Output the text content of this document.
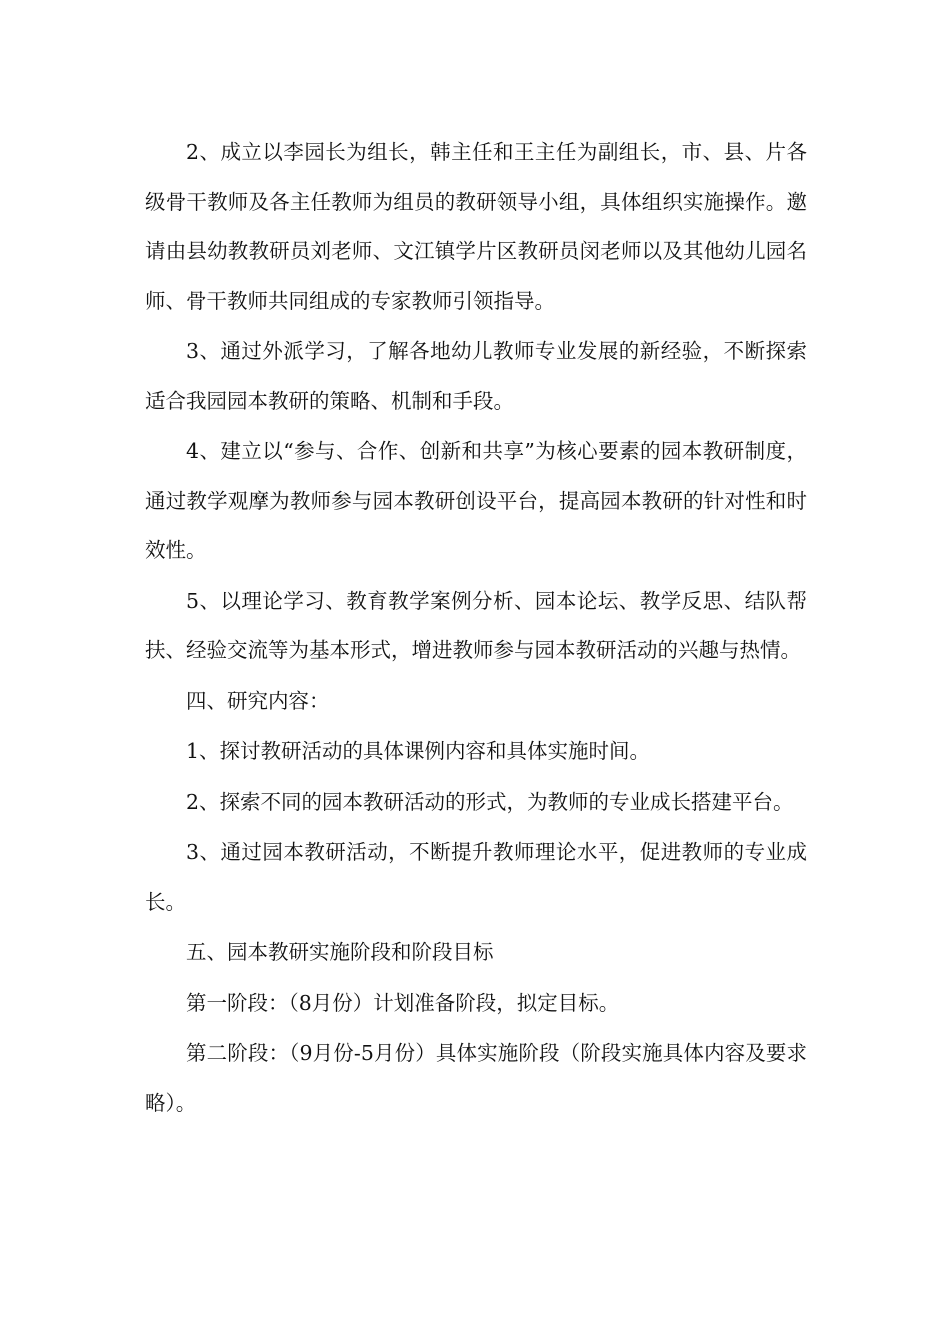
2、成立以李园长为组长，韩主任和王主任为副组长，市、县、片各级骨干教师及各主任教师为组员的教研领导小组，具体组织实施操作。邀请由县幼教教研员刘老师、文江镇学片区教研员闵老师以及其他幼儿园名师、骨干教师共同组成的专家教师引领指导。

3、通过外派学习，了解各地幼儿教师专业发展的新经验，不断探索适合我园园本教研的策略、机制和手段。

4、建立以“参与、合作、创新和共享”为核心要素的园本教研制度，通过教学观摩为教师参与园本教研创设平台，提高园本教研的针对性和时效性。

5、以理论学习、教育教学案例分析、园本论坛、教学反思、结队帮扶、经验交流等为基本形式，增进教师参与园本教研活动的兴趣与热情。

四、研究内容：

1、探讨教研活动的具体课例内容和具体实施时间。

2、探索不同的园本教研活动的形式，为教师的专业成长搭建平台。

3、通过园本教研活动，不断提升教师理论水平，促进教师的专业成长。

五、园本教研实施阶段和阶段目标

第一阶段：（8月份）计划准备阶段，拟定目标。

第二阶段：（9月份-5月份）具体实施阶段（阶段实施具体内容及要求略）。
